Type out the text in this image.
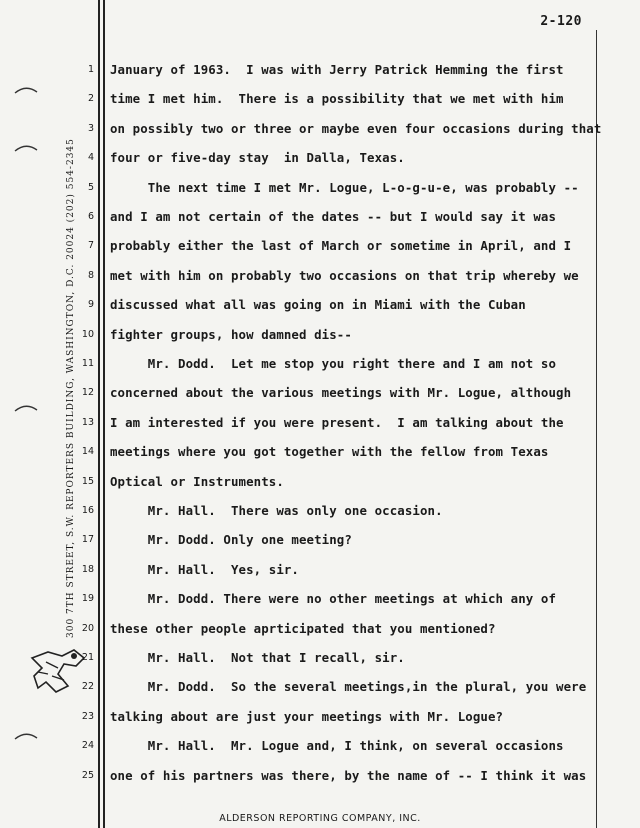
2-120
300 7TH STREET, S.W. REPORTERS BUILDING, WASHINGTON, D.C. 20024 (202) 554-2345
1 January of 1963.  I was with Jerry Patrick Hemming the first
2 time I met him.  There is a possibility that we met with him
3 on possibly two or three or maybe even four occasions during that
4 four or five-day stay  in Dalla, Texas.
5 The next time I met Mr. Logue, L-o-g-u-e, was probably --
6 and I am not certain of the dates -- but I would say it was
7 probably either the last of March or sometime in April, and I
8 met with him on probably two occasions on that trip whereby we
9 discussed what all was going on in Miami with the Cuban
10 fighter groups, how damned dis--
11 Mr. Dodd.  Let me stop you right there and I am not so
12 concerned about the various meetings with Mr. Logue, although
13 I am interested if you were present.  I am talking about the
14 meetings where you got together with the fellow from Texas
15 Optical or Instruments.
16 Mr. Hall.  There was only one occasion.
17 Mr. Dodd. Only one meeting?
18 Mr. Hall.  Yes, sir.
19 Mr. Dodd. There were no other meetings at which any of
20 these other people aprticipated that you mentioned?
21 Mr. Hall.  Not that I recall, sir.
22 Mr. Dodd.  So the several meetings,in the plural, you were
23 talking about are just your meetings with Mr. Logue?
24 Mr. Hall.  Mr. Logue and, I think, on several occasions
25 one of his partners was there, by the name of -- I think it was
ALDERSON REPORTING COMPANY, INC.
